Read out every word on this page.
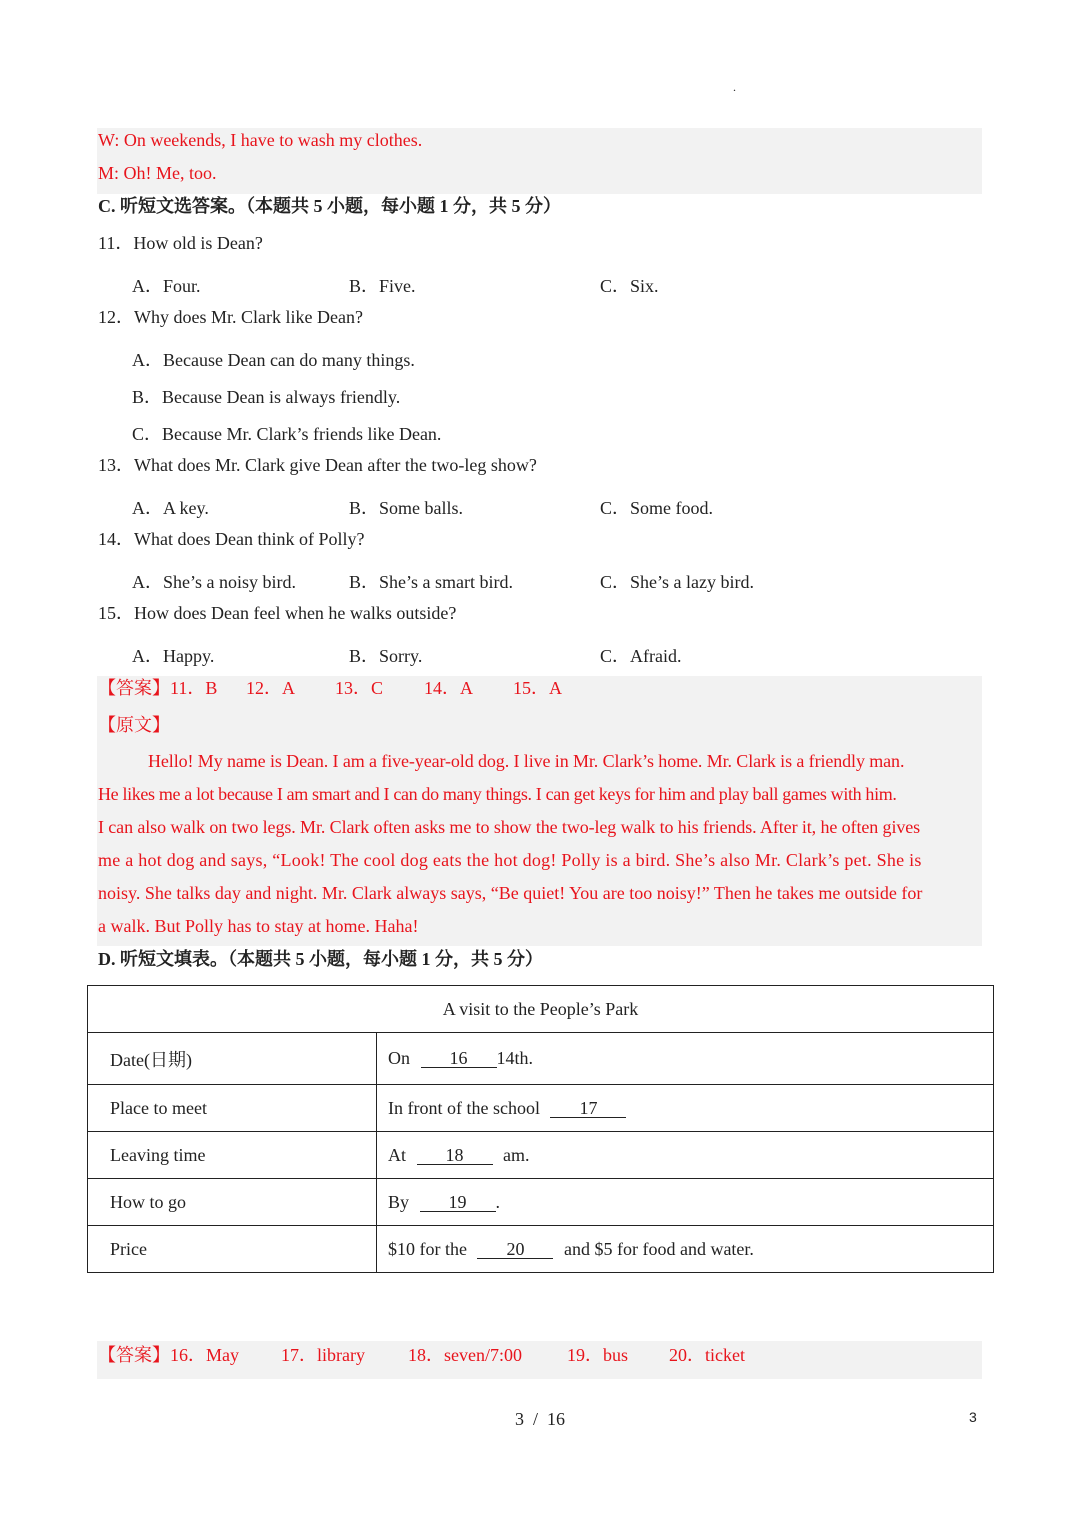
.
W: On weekends, I have to wash my clothes.
M: Oh! Me, too.
C. 听短文选答案。（本题共 5 小题，每小题 1 分，共 5 分）
11．How old is Dean?
A．Four.	B．Five.	C．Six.
12．Why does Mr. Clark like Dean?
A．Because Dean can do many things.
B．Because Dean is always friendly.
C．Because Mr. Clark’s friends like Dean.
13．What does Mr. Clark give Dean after the two-leg show?
A．A key.	B．Some balls.	C．Some food.
14．What does Dean think of Polly?
A．She’s a noisy bird.	B．She’s a smart bird.	C．She’s a lazy bird.
15．How does Dean feel when he walks outside?
A．Happy.	B．Sorry.	C．Afraid.
【答案】11．B 12．A 13．C 14．A 15．A
【原文】
Hello! My name is Dean. I am a five-year-old dog. I live in Mr. Clark’s home. Mr. Clark is a friendly man.
He likes me a lot because I am smart and I can do many things. I can get keys for him and play ball games with him.
I can also walk on two legs. Mr. Clark often asks me to show the two-leg walk to his friends. After it, he often gives
me a hot dog and says, “Look! The cool dog eats the hot dog! Polly is a bird. She’s also Mr. Clark’s pet. She is
noisy. She talks day and night. Mr. Clark always says, “Be quiet! You are too noisy!” Then he takes me outside for
a walk. But Polly has to stay at home. Haha!
D. 听短文填表。（本题共 5 小题，每小题 1 分，共 5 分）
A visit to the People’s Park	
Date(日期)	On 16 14th.
Place to meet	In front of the school 17
Leaving time	At 18 am.
How to go	By 19 .
Price	$10 for the 20 and $5 for food and water.
【答案】16．May 17．library 18．seven/7:00	19．bus 20．ticket
3  /  16	3
